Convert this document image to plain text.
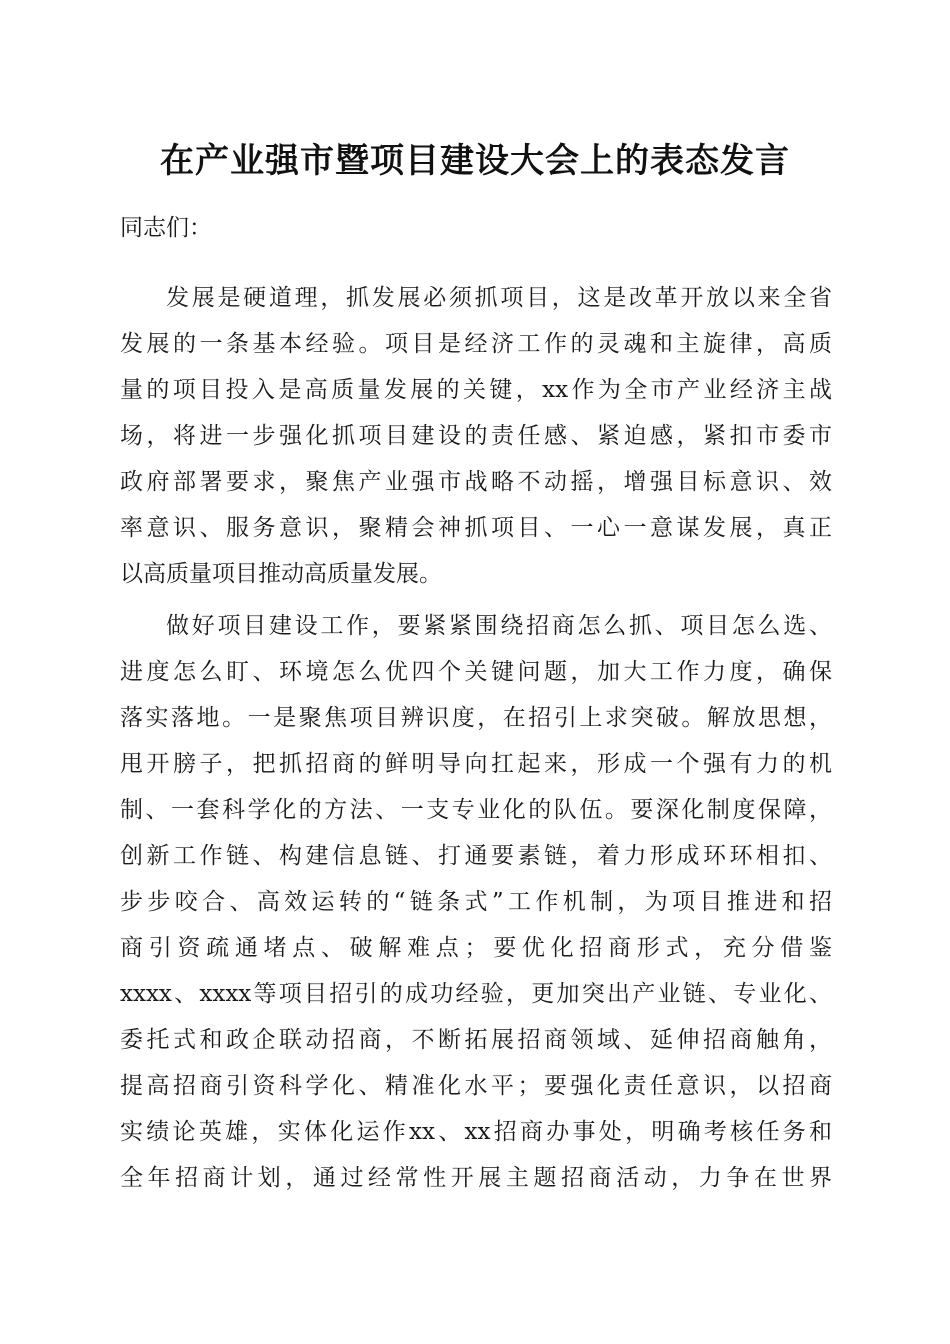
在产业强市暨项目建设大会上的表态发言

同志们：

发展是硬道理，抓发展必须抓项目，这是改革开放以来全省

发展的一条基本经验。项目是经济工作的灵魂和主旋律，高质

量的项目投入是高质量发展的关键，xx作为全市产业经济主战

场，将进一步强化抓项目建设的责任感、紧迫感，紧扣市委市

政府部署要求，聚焦产业强市战略不动摇，增强目标意识、效

率意识、服务意识，聚精会神抓项目、一心一意谋发展，真正

以高质量项目推动高质量发展。

做好项目建设工作，要紧紧围绕招商怎么抓、项目怎么选、

进度怎么盯、环境怎么优四个关键问题，加大工作力度，确保

落实落地。一是聚焦项目辨识度，在招引上求突破。解放思想，

甩开膀子，把抓招商的鲜明导向扛起来，形成一个强有力的机

制、一套科学化的方法、一支专业化的队伍。要深化制度保障，

创新工作链、构建信息链、打通要素链，着力形成环环相扣、

步步咬合、高效运转的“链条式”工作机制，为项目推进和招

商引资疏通堵点、破解难点；要优化招商形式，充分借鉴

xxxx、xxxx等项目招引的成功经验，更加突出产业链、专业化、

委托式和政企联动招商，不断拓展招商领域、延伸招商触角，

提高招商引资科学化、精准化水平；要强化责任意识，以招商

实绩论英雄，实体化运作xx、xx招商办事处，明确考核任务和

全年招商计划，通过经常性开展主题招商活动，力争在世界
